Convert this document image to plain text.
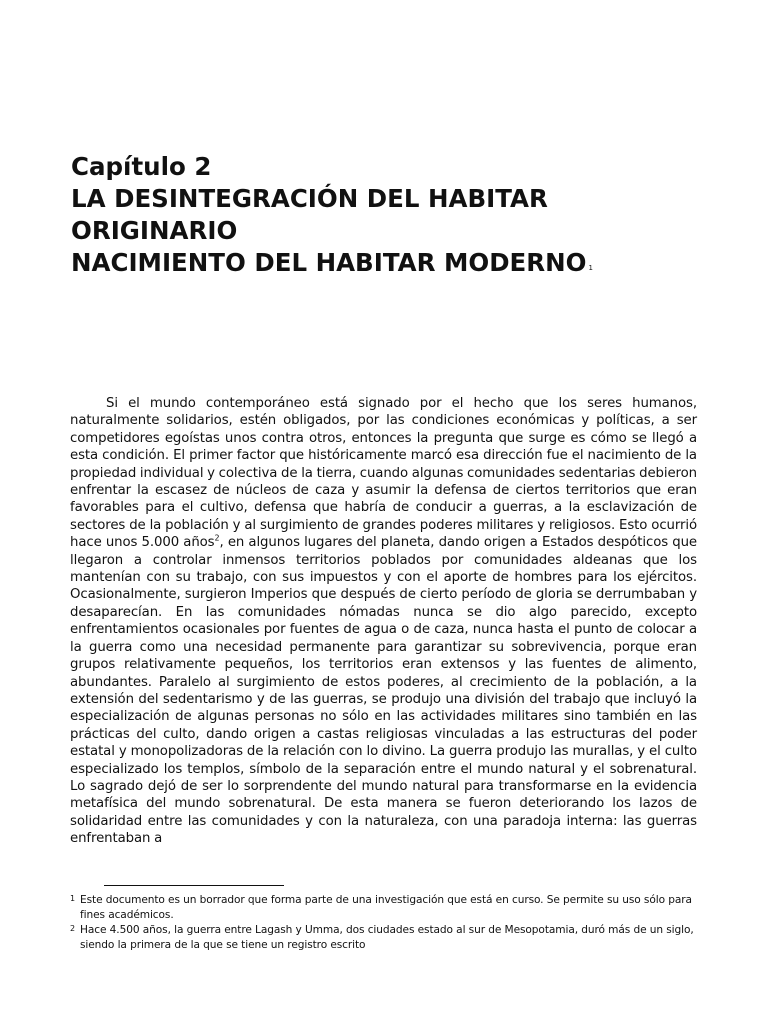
Capítulo 2
LA DESINTEGRACIÓN DEL HABITAR
ORIGINARIO
NACIMIENTO DEL HABITAR MODERNO $^1$

Si el mundo contemporáneo está signado por el hecho que los seres humanos, naturalmente solidarios, estén obligados, por las condiciones económicas y políticas, a ser competidores egoístas unos contra otros, entonces la pregunta que surge es cómo se llegó a esta condición. El primer factor que históricamente marcó esa dirección fue el nacimiento de la propiedad individual y colectiva de la tierra, cuando algunas comunidades sedentarias debieron enfrentar la escasez de núcleos de caza y asumir la defensa de ciertos territorios que eran favorables para el cultivo, defensa que habría de conducir a guerras, a la esclavización de sectores de la población y al surgimiento de grandes poderes militares y religiosos. Esto ocurrió hace unos 5.000 años$^2$, en algunos lugares del planeta, dando origen a Estados despóticos que llegaron a controlar inmensos territorios poblados por comunidades aldeanas que los mantenían con su trabajo, con sus impuestos y con el aporte de hombres para los ejércitos. Ocasionalmente, surgieron Imperios que después de cierto período de gloria se derrumbaban y desaparecían. En las comunidades nómadas nunca se dio algo parecido, excepto enfrentamientos ocasionales por fuentes de agua o de caza, nunca hasta el punto de colocar a la guerra como una necesidad permanente para garantizar su sobrevivencia, porque eran grupos relativamente pequeños, los territorios eran extensos y las fuentes de alimento, abundantes. Paralelo al surgimiento de estos poderes, al crecimiento de la población, a la extensión del sedentarismo y de las guerras, se produjo una división del trabajo que incluyó la especialización de algunas personas no sólo en las actividades militares sino también en las prácticas del culto, dando origen a castas religiosas vinculadas a las estructuras del poder estatal y monopolizadoras de la relación con lo divino. La guerra produjo las murallas, y el culto especializado los templos, símbolo de la separación entre el mundo natural y el sobrenatural. Lo sagrado dejó de ser lo sorprendente del mundo natural para transformarse en la evidencia metafísica del mundo sobrenatural. De esta manera se fueron deteriorando los lazos de solidaridad entre las comunidades y con la naturaleza, con una paradoja interna: las guerras enfrentaban a

1 Este documento es un borrador que forma parte de una investigación que está en curso. Se permite su uso sólo para fines académicos.
2 Hace 4.500 años, la guerra entre Lagash y Umma, dos ciudades estado al sur de Mesopotamia, duró más de un siglo, siendo la primera de la que se tiene un registro escrito
